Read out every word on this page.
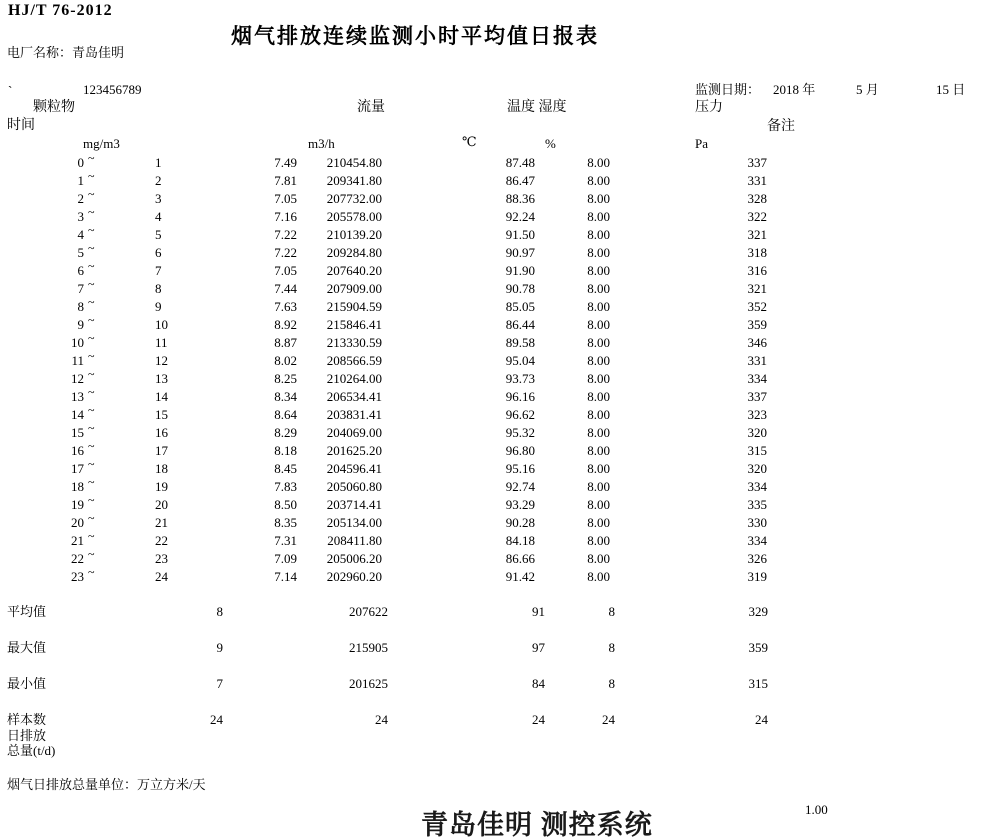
HJ/T 76-2012
烟气排放连续监测小时平均值日报表
电厂名称：青岛佳明
`	123456789	监测日期： 2018 年	5 月	15 日
颗粒物	流量	温度 湿度	压力
时间	备注
mg/m3	m3/h	℃	%	Pa
0 ~	1	7.49	210454.80	87.48	8.00	337
1 ~	2	7.81	209341.80	86.47	8.00	331
2 ~	3	7.05	207732.00	88.36	8.00	328
3 ~	4	7.16	205578.00	92.24	8.00	322
4 ~	5	7.22	210139.20	91.50	8.00	321
5 ~	6	7.22	209284.80	90.97	8.00	318
6 ~	7	7.05	207640.20	91.90	8.00	316
7 ~	8	7.44	207909.00	90.78	8.00	321
8 ~	9	7.63	215904.59	85.05	8.00	352
9 ~	10	8.92	215846.41	86.44	8.00	359
10 ~	11	8.87	213330.59	89.58	8.00	346
11 ~	12	8.02	208566.59	95.04	8.00	331
12 ~	13	8.25	210264.00	93.73	8.00	334
13 ~	14	8.34	206534.41	96.16	8.00	337
14 ~	15	8.64	203831.41	96.62	8.00	323
15 ~	16	8.29	204069.00	95.32	8.00	320
16 ~	17	8.18	201625.20	96.80	8.00	315
17 ~	18	8.45	204596.41	95.16	8.00	320
18 ~	19	7.83	205060.80	92.74	8.00	334
19 ~	20	8.50	203714.41	93.29	8.00	335
20 ~	21	8.35	205134.00	90.28	8.00	330
21 ~	22	7.31	208411.80	84.18	8.00	334
22 ~	23	7.09	205006.20	86.66	8.00	326
23 ~	24	7.14	202960.20	91.42	8.00	319
平均值	8	207622	91	8	329
最大值	9	215905	97	8	359
最小值	7	201625	84	8	315
样本数	24	24	24	24	24
日排放
总量(t/d)
烟气日排放总量单位：万立方米/天
1.00
青岛佳明 测控系统
